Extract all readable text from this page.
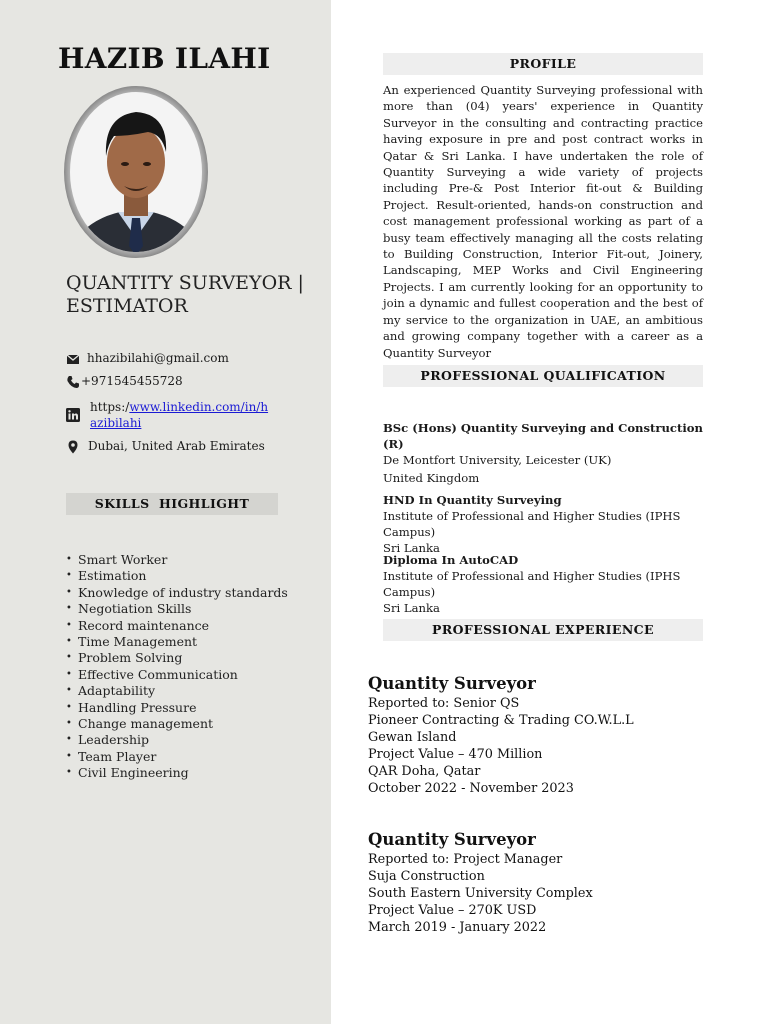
HAZIB ILAHI
QUANTITY SURVEYOR | ESTIMATOR
hhazibilahi@gmail.com
+971545455728
https:/www.linkedin.com/in/hazibilahi
Dubai, United Arab Emirates
SKILLS  HIGHLIGHT
• Smart Worker
• Estimation
• Knowledge of industry standards
• Negotiation Skills
• Record maintenance
• Time Management
• Problem Solving
• Effective Communication
• Adaptability
• Handling Pressure
• Change management
• Leadership
• Team Player
• Civil Engineering
PROFILE
An experienced Quantity Surveying professional with more than (04) years' experience in Quantity Surveyor in the consulting and contracting practice having exposure in pre and post contract works in Qatar & Sri Lanka. I have undertaken the role of Quantity Surveying a wide variety of projects including Pre-& Post Interior fit-out & Building Project. Result-oriented, hands-on construction and cost management professional working as part of a busy team effectively managing all the costs relating to Building Construction, Interior Fit-out, Joinery, Landscaping, MEP Works and Civil Engineering Projects. I am currently looking for an opportunity to join a dynamic and fullest cooperation and the best of my service to the organization in UAE, an ambitious and growing company together with a career as a Quantity Surveyor
PROFESSIONAL QUALIFICATION
BSc (Hons) Quantity Surveying and Construction (R)
De Montfort University, Leicester (UK)
United Kingdom
HND In Quantity Surveying
Institute of Professional and Higher Studies (IPHS Campus)
Sri Lanka
Diploma In AutoCAD
Institute of Professional and Higher Studies (IPHS Campus)
Sri Lanka
PROFESSIONAL EXPERIENCE
Quantity Surveyor
Reported to: Senior QS
Pioneer Contracting & Trading CO.W.L.L
Gewan Island
Project Value – 470 Million
QAR Doha, Qatar
October 2022 - November 2023
Quantity Surveyor
Reported to: Project Manager
Suja Construction
South Eastern University Complex
Project Value – 270K USD
March 2019 - January 2022
